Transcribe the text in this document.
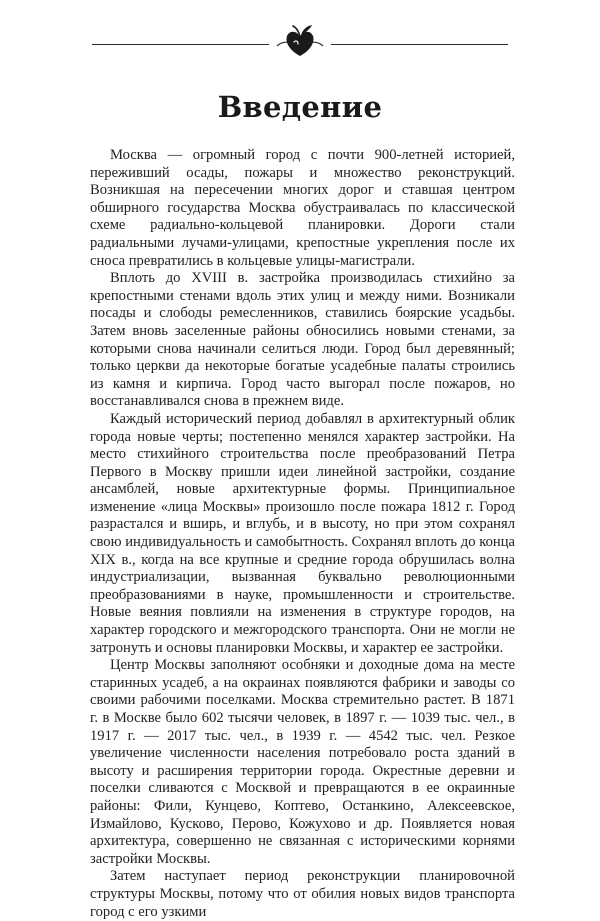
Введение

Москва — огромный город с почти 900-летней историей, переживший осады, пожары и множество реконструкций. Возникшая на пересечении многих дорог и ставшая центром обширного государства Москва обустраивалась по классической схеме радиально-кольцевой планировки. Дороги стали радиальными лучами-улицами, крепостные укрепления после их сноса превратились в кольцевые улицы-магистрали.

Вплоть до XVIII в. застройка производилась стихийно за крепостными стенами вдоль этих улиц и между ними. Возникали посады и слободы ремесленников, ставились боярские усадьбы. Затем вновь заселенные районы обносились новыми стенами, за которыми снова начинали селиться люди. Город был деревянный; только церкви да некоторые богатые усадебные палаты строились из камня и кирпича. Город часто выгорал после пожаров, но восстанавливался снова в прежнем виде.

Каждый исторический период добавлял в архитектурный облик города новые черты; постепенно менялся характер застройки. На место стихийного строительства после преобразований Петра Первого в Москву пришли идеи линейной застройки, создание ансамблей, новые архитектурные формы. Принципиальное изменение «лица Москвы» произошло после пожара 1812 г. Город разрастался и вширь, и вглубь, и в высоту, но при этом сохранял свою индивидуальность и самобытность. Сохранял вплоть до конца XIX в., когда на все крупные и средние города обрушилась волна индустриализации, вызванная буквально революционными преобразованиями в науке, промышленности и строительстве. Новые веяния повлияли на изменения в структуре городов, на характер городского и межгородского транспорта. Они не могли не затронуть и основы планировки Москвы, и характер ее застройки.

Центр Москвы заполняют особняки и доходные дома на месте старинных усадеб, а на окраинах появляются фабрики и заводы со своими рабочими поселками. Москва стремительно растет. В 1871 г. в Москве было 602 тысячи человек, в 1897 г. — 1039 тыс. чел., в 1917 г. — 2017 тыс. чел., в 1939 г. — 4542 тыс. чел. Резкое увеличение численности населения потребовало роста зданий в высоту и расширения территории города. Окрестные деревни и поселки сливаются с Москвой и превращаются в ее окраинные районы: Фили, Кунцево, Коптево, Останкино, Алексеевское, Измайлово, Кусково, Перово, Кожухово и др. Появляется новая архитектура, совершенно не связанная с историческими корнями застройки Москвы.

Затем наступает период реконструкции планировочной структуры Москвы, потому что от обилия новых видов транспорта город с его узкими
